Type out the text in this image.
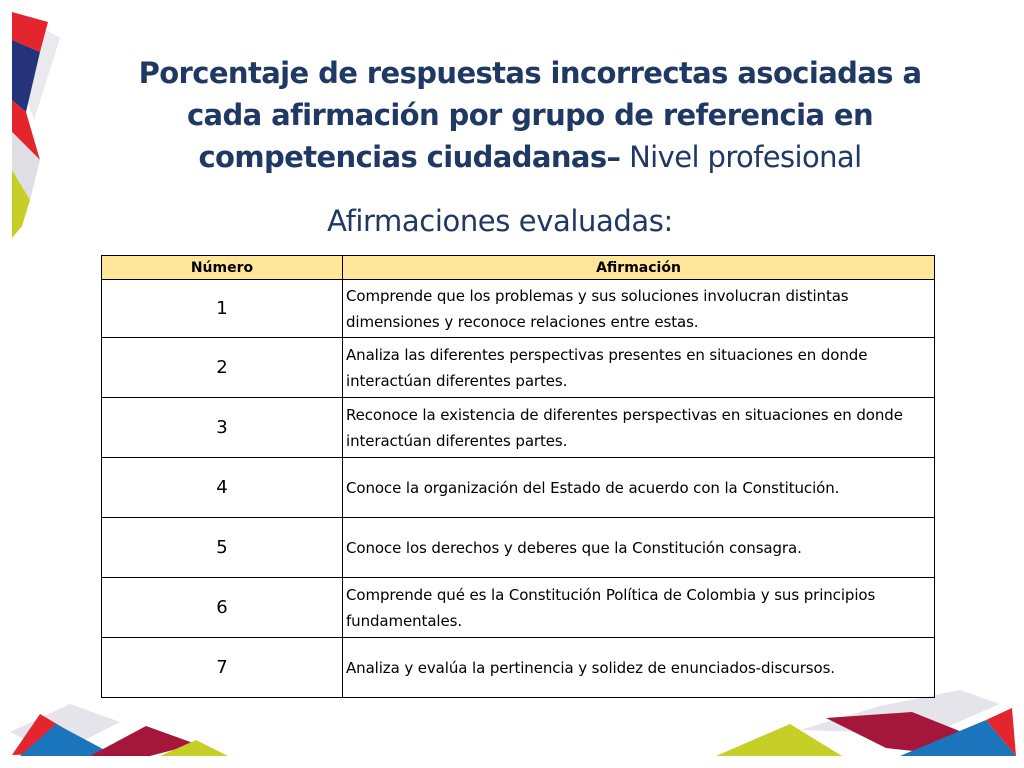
Porcentaje de respuestas incorrectas asociadas a cada afirmación por grupo de referencia en competencias ciudadanas– Nivel profesional
Afirmaciones evaluadas:
Número	Afirmación
1	Comprende que los problemas y sus soluciones involucran distintas dimensiones y reconoce relaciones entre estas.
2	Analiza las diferentes perspectivas presentes en situaciones en donde interactúan diferentes partes.
3	Reconoce la existencia de diferentes perspectivas en situaciones en donde interactúan diferentes partes.
4	Conoce la organización del Estado de acuerdo con la Constitución.
5	Conoce los derechos y deberes que la Constitución consagra.
6	Comprende qué es la Constitución Política de Colombia y sus principios fundamentales.
7	Analiza y evalúa la pertinencia y solidez de enunciados-discursos.
